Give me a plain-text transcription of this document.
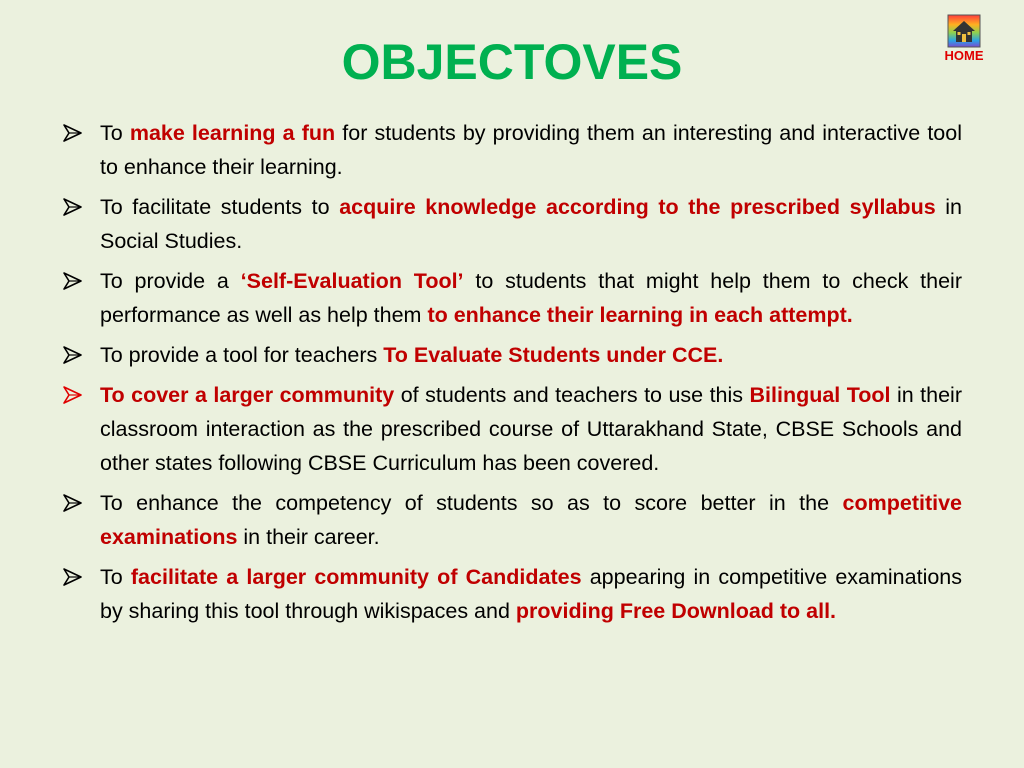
OBJECTOVES	HOME
To make learning a fun for students by providing them an interesting and interactive tool to enhance their learning.
To facilitate students to acquire knowledge according to the prescribed syllabus in Social Studies.
To provide a ‘Self-Evaluation Tool’ to students that might help them to check their performance as well as help them to enhance their learning in each attempt.
To provide a tool for teachers To Evaluate Students under CCE.
To cover a larger community of students and teachers to use this Bilingual Tool in their classroom interaction as the prescribed course of Uttarakhand State, CBSE Schools and other states following CBSE Curriculum has been covered.
To enhance the competency of students so as to score better in the competitive examinations in their career.
To facilitate a larger community of Candidates appearing in competitive examinations by sharing this tool through wikispaces and providing Free Download to all.
